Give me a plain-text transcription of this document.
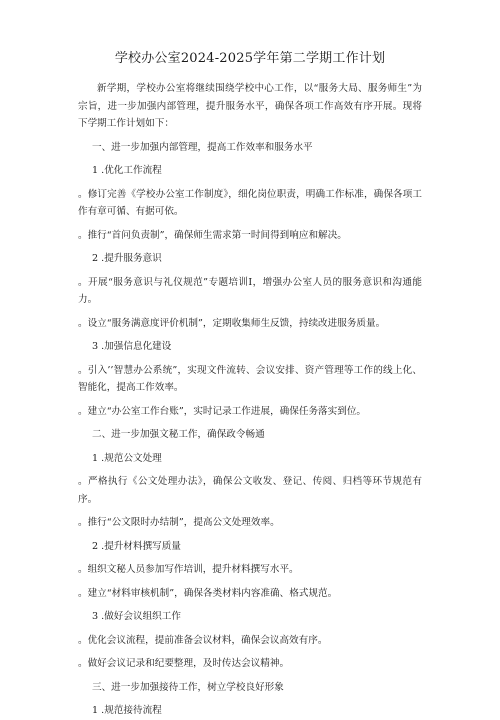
学校办公室2024-2025学年第二学期工作计划
新学期，学校办公室将继续围绕学校中心工作，以“服务大局、服务师生”为宗旨，进一步加强内部管理，提升服务水平，确保各项工作高效有序开展。现将下学期工作计划如下：
一、进一步加强内部管理，提高工作效率和服务水平
1 .优化工作流程
。修订完善《学校办公室工作制度》，细化岗位职责，明确工作标准，确保各项工作有章可循、有据可依。
。推行“首问负责制”，确保师生需求第一时间得到响应和解决。
2 .提升服务意识
。开展“服务意识与礼仪规范”专题培训I，增强办公室人员的服务意识和沟通能力。
。设立“服务满意度评价机制”，定期收集师生反馈，持续改进服务质量。
3 .加强信息化建设
。引入’’智慧办公系统”，实现文件流转、会议安排、资产管理等工作的线上化、智能化，提高工作效率。
。建立“办公室工作台账”，实时记录工作进展，确保任务落实到位。
二、进一步加强文秘工作，确保政令畅通
1 .规范公文处理
。严格执行《公文处理办法》，确保公文收发、登记、传阅、归档等环节规范有序。
。推行“公文限时办结制”，提高公文处理效率。
2 .提升材料撰写质量
。组织文秘人员参加写作培训，提升材料撰写水平。
。建立“材料审核机制”，确保各类材料内容准确、格式规范。
3 .做好会议组织工作
。优化会议流程，提前准备会议材料，确保会议高效有序。
。做好会议记录和纪要整理，及时传达会议精神。
三、进一步加强接待工作，树立学校良好形象
1 .规范接待流程
